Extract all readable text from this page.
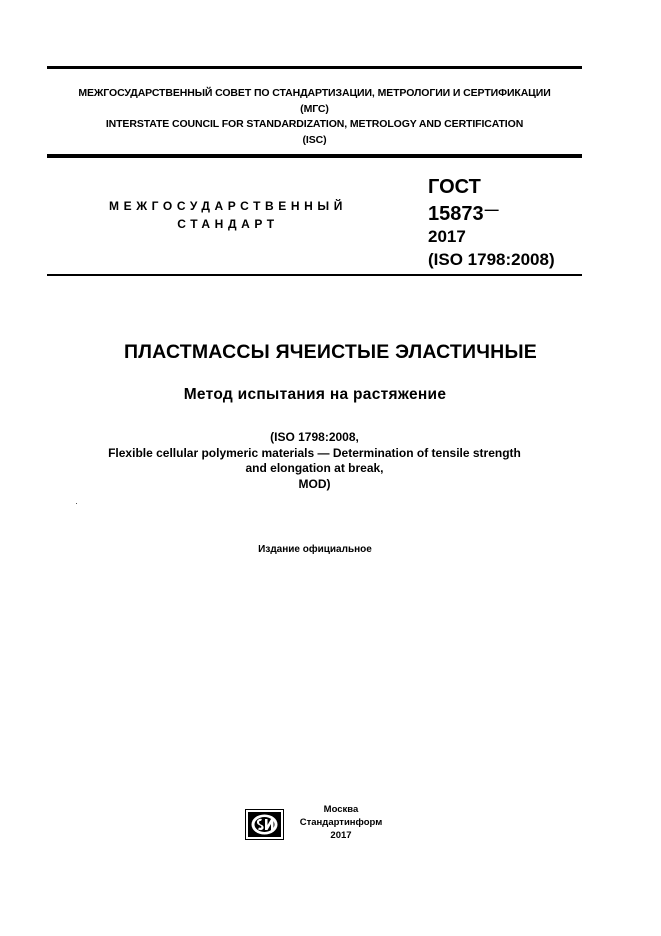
МЕЖГОСУДАРСТВЕННЫЙ СОВЕТ ПО СТАНДАРТИЗАЦИИ, МЕТРОЛОГИИ И СЕРТИФИКАЦИИ
(МГС)
INTERSTATE COUNCIL FOR STANDARDIZATION, METROLOGY AND CERTIFICATION
(ISC)
МЕЖГОСУДАРСТВЕННЫЙ
СТАНДАРТ
ГОСТ
15873—
2017
(ISO 1798:2008)
ПЛАСТМАССЫ ЯЧЕИСТЫЕ ЭЛАСТИЧНЫЕ
Метод испытания на растяжение
(ISO 1798:2008,
Flexible cellular polymeric materials — Determination of tensile strength
and elongation at break,
MOD)
Издание официальное
Москва
Стандартинформ
2017
